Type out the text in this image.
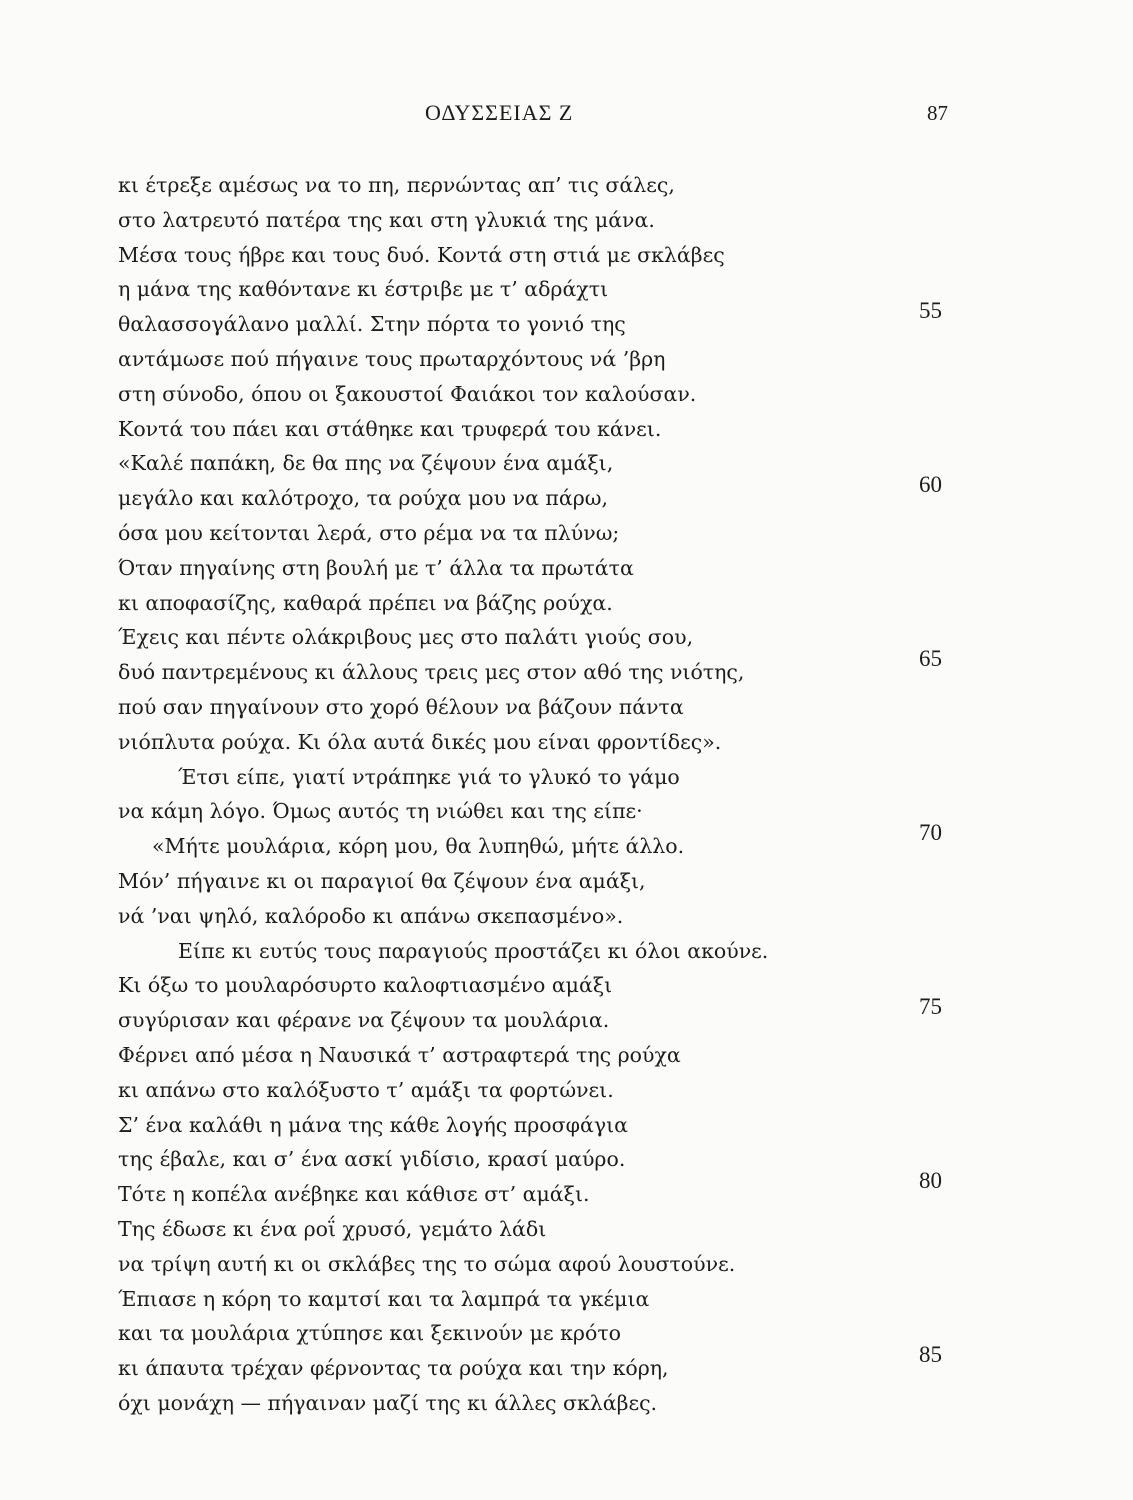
ΟΔΥΣΣΕΙΑΣ Ζ	87
κι έτρεξε αμέσως να το πη, περνώντας απ’ τις σάλες,
στο λατρευτό πατέρα της και στη γλυκιά της μάνα.
Μέσα τους ήβρε και τους δυό. Κοντά στη στιά με σκλάβες
η μάνα της καθόντανε κι έστριβε με τ’ αδράχτι
θαλασσογάλανο μαλλί. Στην πόρτα το γονιό της
55
αντάμωσε πού πήγαινε τους πρωταρχόντους νά ’βρη
στη σύνοδο, όπου οι ξακουστοί Φαιάκοι τον καλούσαν.
Κοντά του πάει και στάθηκε και τρυφερά του κάνει.
«Καλέ παπάκη, δε θα πης να ζέψουν ένα αμάξι,
μεγάλο και καλότροχο, τα ρούχα μου να πάρω,
60
όσα μου κείτονται λερά, στο ρέμα να τα πλύνω;
Όταν πηγαίνης στη βουλή με τ’ άλλα τα πρωτάτα
κι αποφασίζης, καθαρά πρέπει να βάζης ρούχα.
Έχεις και πέντε ολάκριβους μες στο παλάτι γιούς σου,
δυό παντρεμένους κι άλλους τρεις μες στον αθό της νιότης,
65
πού σαν πηγαίνουν στο χορό θέλουν να βάζουν πάντα
νιόπλυτα ρούχα. Κι όλα αυτά δικές μου είναι φροντίδες».
Έτσι είπε, γιατί ντράπηκε γιά το γλυκό το γάμο
να κάμη λόγο. Όμως αυτός τη νιώθει και της είπε·
«Μήτε μουλάρια, κόρη μου, θα λυπηθώ, μήτε άλλο.
70
Μόν’ πήγαινε κι οι παραγιοί θα ζέψουν ένα αμάξι,
νά ’ναι ψηλό, καλόροδο κι απάνω σκεπασμένο».
Είπε κι ευτύς τους παραγιούς προστάζει κι όλοι ακούνε.
Κι όξω το μουλαρόσυρτο καλοφτιασμένο αμάξι
συγύρισαν και φέρανε να ζέψουν τα μουλάρια.
75
Φέρνει από μέσα η Ναυσικά τ’ αστραφτερά της ρούχα
κι απάνω στο καλόξυστο τ’ αμάξι τα φορτώνει.
Σ’ ένα καλάθι η μάνα της κάθε λογής προσφάγια
της έβαλε, και σ’ ένα ασκί γιδίσιο, κρασί μαύρο.
Τότε η κοπέλα ανέβηκε και κάθισε στ’ αμάξι.
80
Της έδωσε κι ένα ροΐ χρυσό, γεμάτο λάδι
να τρίψη αυτή κι οι σκλάβες της το σώμα αφού λουστούνε.
Έπιασε η κόρη το καμτσί και τα λαμπρά τα γκέμια
και τα μουλάρια χτύπησε και ξεκινούν με κρότο
κι άπαυτα τρέχαν φέρνοντας τα ρούχα και την κόρη,
85
όχι μονάχη — πήγαιναν μαζί της κι άλλες σκλάβες.
